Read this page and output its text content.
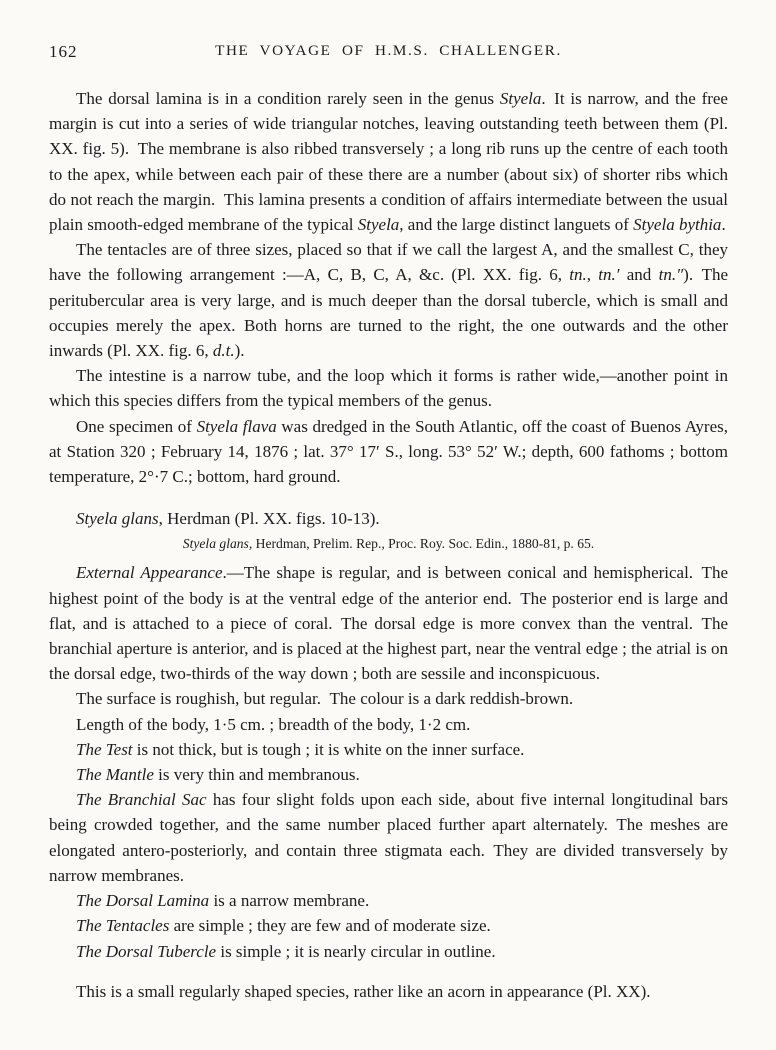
162	THE VOYAGE OF H.M.S. CHALLENGER.

The dorsal lamina is in a condition rarely seen in the genus Styela. It is narrow, and the free margin is cut into a series of wide triangular notches, leaving outstanding teeth between them (Pl. XX. fig. 5). The membrane is also ribbed transversely ; a long rib runs up the centre of each tooth to the apex, while between each pair of these there are a number (about six) of shorter ribs which do not reach the margin. This lamina presents a condition of affairs intermediate between the usual plain smooth-edged membrane of the typical Styela, and the large distinct languets of Styela bythia.

The tentacles are of three sizes, placed so that if we call the largest A, and the smallest C, they have the following arrangement :—A, C, B, C, A, &c. (Pl. XX. fig. 6, tn., tn.′ and tn.″). The peritubercular area is very large, and is much deeper than the dorsal tubercle, which is small and occupies merely the apex. Both horns are turned to the right, the one outwards and the other inwards (Pl. XX. fig. 6, d.t.).

The intestine is a narrow tube, and the loop which it forms is rather wide,—another point in which this species differs from the typical members of the genus.

One specimen of Styela flava was dredged in the South Atlantic, off the coast of Buenos Ayres, at Station 320 ; February 14, 1876 ; lat. 37° 17′ S., long. 53° 52′ W.; depth, 600 fathoms ; bottom temperature, 2°·7 C.; bottom, hard ground.

Styela glans, Herdman (Pl. XX. figs. 10-13).

Styela glans, Herdman, Prelim. Rep., Proc. Roy. Soc. Edin., 1880-81, p. 65.

External Appearance.—The shape is regular, and is between conical and hemispherical. The highest point of the body is at the ventral edge of the anterior end. The posterior end is large and flat, and is attached to a piece of coral. The dorsal edge is more convex than the ventral. The branchial aperture is anterior, and is placed at the highest part, near the ventral edge ; the atrial is on the dorsal edge, two-thirds of the way down ; both are sessile and inconspicuous.

The surface is roughish, but regular. The colour is a dark reddish-brown.

Length of the body, 1·5 cm. ; breadth of the body, 1·2 cm.

The Test is not thick, but is tough ; it is white on the inner surface.

The Mantle is very thin and membranous.

The Branchial Sac has four slight folds upon each side, about five internal longitudinal bars being crowded together, and the same number placed further apart alternately. The meshes are elongated antero-posteriorly, and contain three stigmata each. They are divided transversely by narrow membranes.

The Dorsal Lamina is a narrow membrane.

The Tentacles are simple ; they are few and of moderate size.

The Dorsal Tubercle is simple ; it is nearly circular in outline.

This is a small regularly shaped species, rather like an acorn in appearance (Pl. XX).
